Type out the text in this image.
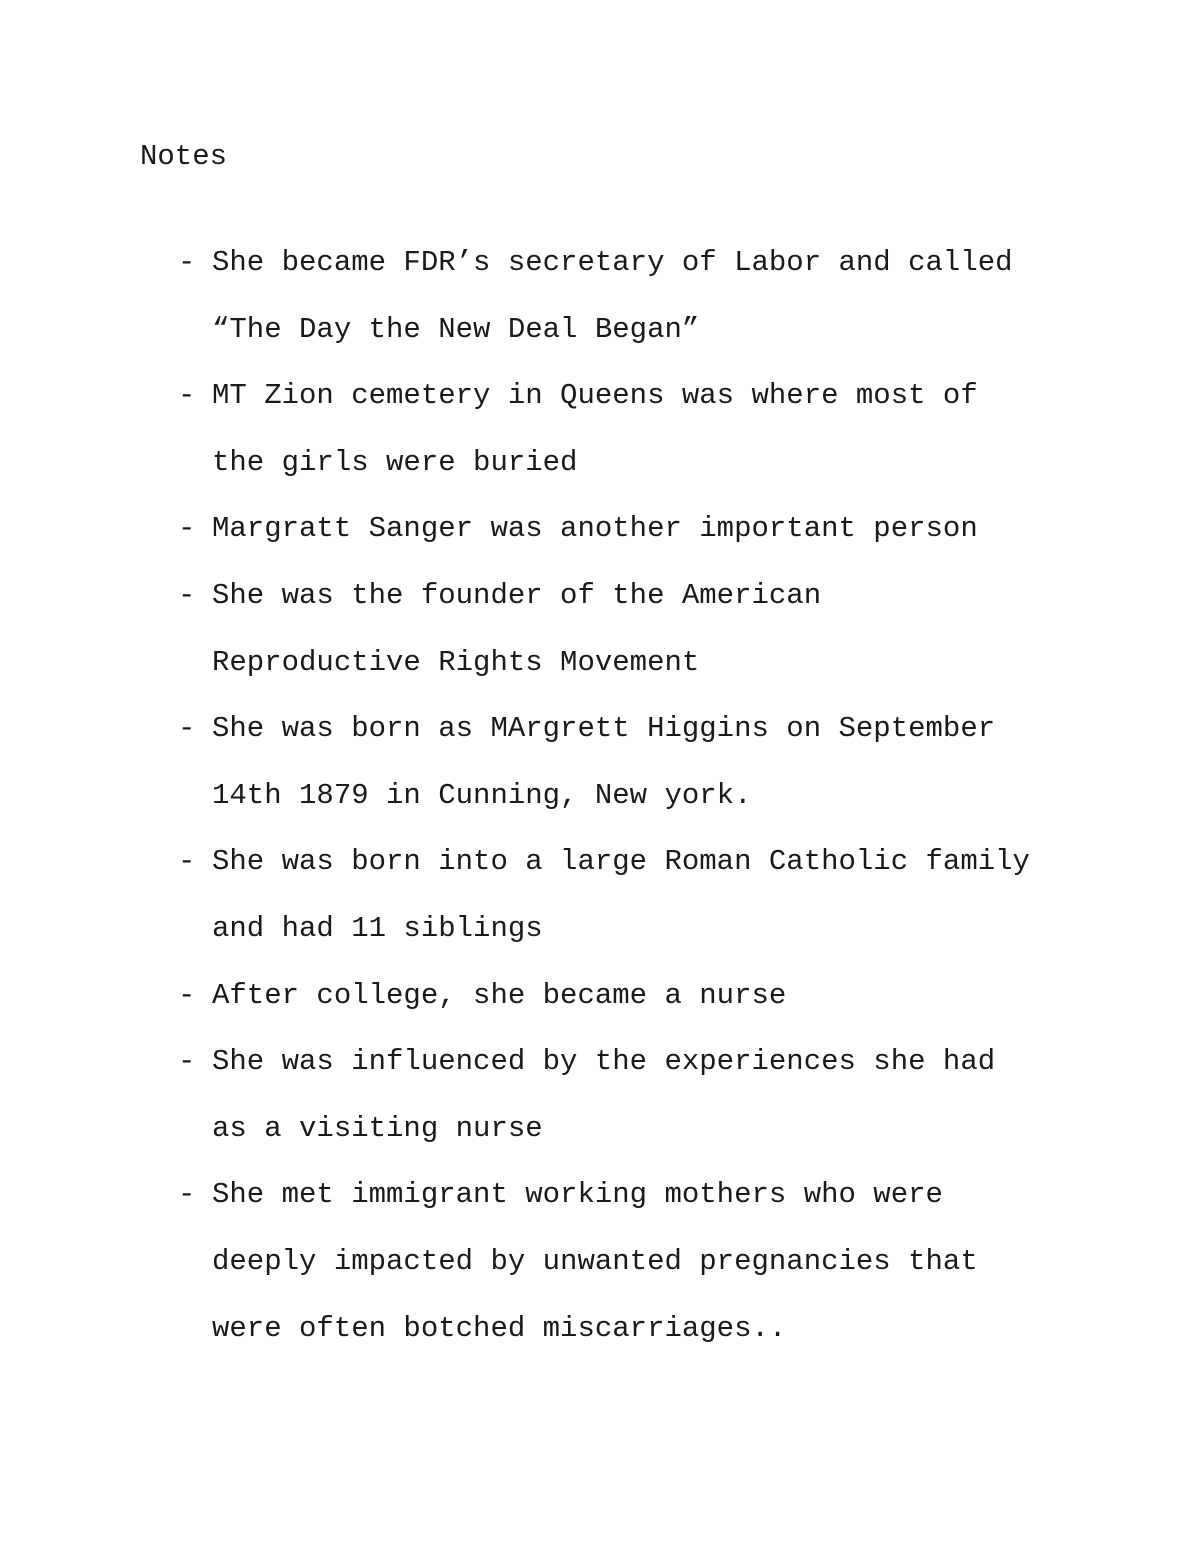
Notes
- She became FDR’s secretary of Labor and called
“The Day the New Deal Began”
- MT Zion cemetery in Queens was where most of
the girls were buried
- Margratt Sanger was another important person
- She was the founder of the American
Reproductive Rights Movement
- She was born as MArgrett Higgins on September
14th 1879 in Cunning, New york.
- She was born into a large Roman Catholic family
and had 11 siblings
- After college, she became a nurse
- She was influenced by the experiences she had
as a visiting nurse
- She met immigrant working mothers who were
deeply impacted by unwanted pregnancies that
were often botched miscarriages..
